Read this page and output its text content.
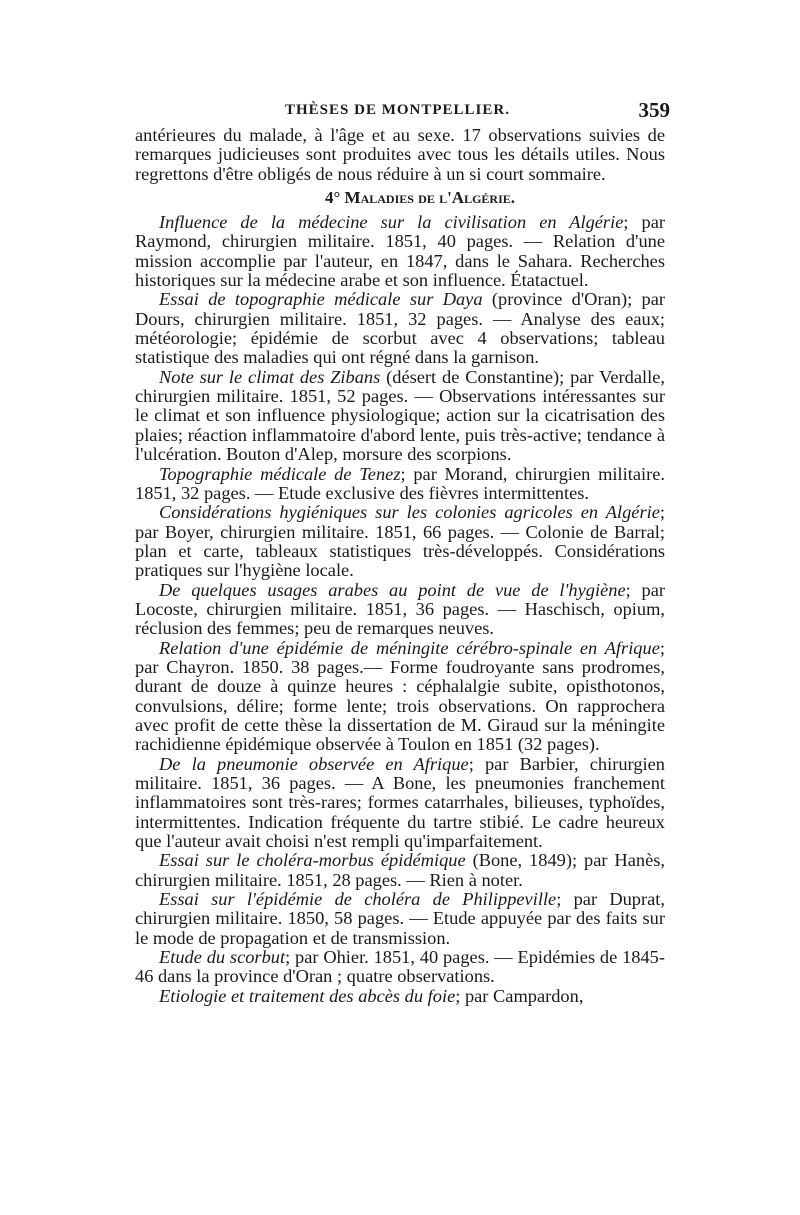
THÈSES DE MONTPELLIER.	359

antérieures du malade, à l'âge et au sexe. 17 observations suivies de remarques judicieuses sont produites avec tous les détails utiles. Nous regrettons d'être obligés de nous réduire à un si court sommaire.

4° Maladies de l'Algérie.

Influence de la médecine sur la civilisation en Algérie; par Raymond, chirurgien militaire. 1851, 40 pages. — Relation d'une mission accomplie par l'auteur, en 1847, dans le Sahara. Recherches historiques sur la médecine arabe et son influence. Étatactuel.

Essai de topographie médicale sur Daya (province d'Oran); par Dours, chirurgien militaire. 1851, 32 pages. — Analyse des eaux; météorologie; épidémie de scorbut avec 4 observations; tableau statistique des maladies qui ont régné dans la garnison.

Note sur le climat des Zibans (désert de Constantine); par Verdalle, chirurgien militaire. 1851, 52 pages. — Observations intéressantes sur le climat et son influence physiologique; action sur la cicatrisation des plaies; réaction inflammatoire d'abord lente, puis très-active; tendance à l'ulcération. Bouton d'Alep, morsure des scorpions.

Topographie médicale de Tenez; par Morand, chirurgien militaire. 1851, 32 pages. — Etude exclusive des fièvres intermittentes.

Considérations hygiéniques sur les colonies agricoles en Algérie; par Boyer, chirurgien militaire. 1851, 66 pages. — Colonie de Barral; plan et carte, tableaux statistiques très-développés. Considérations pratiques sur l'hygiène locale.

De quelques usages arabes au point de vue de l'hygiène; par Locoste, chirurgien militaire. 1851, 36 pages. — Haschisch, opium, réclusion des femmes; peu de remarques neuves.

Relation d'une épidémie de méningite cérébro-spinale en Afrique; par Chayron. 1850. 38 pages.— Forme foudroyante sans prodromes, durant de douze à quinze heures : céphalalgie subite, opisthotonos, convulsions, délire; forme lente; trois observations. On rapprochera avec profit de cette thèse la dissertation de M. Giraud sur la méningite rachidienne épidémique observée à Toulon en 1851 (32 pages).

De la pneumonie observée en Afrique; par Barbier, chirurgien militaire. 1851, 36 pages. — A Bone, les pneumonies franchement inflammatoires sont très-rares; formes catarrhales, bilieuses, typhoïdes, intermittentes. Indication fréquente du tartre stibié. Le cadre heureux que l'auteur avait choisi n'est rempli qu'imparfaitement.

Essai sur le choléra-morbus épidémique (Bone, 1849); par Hanès, chirurgien militaire. 1851, 28 pages. — Rien à noter.

Essai sur l'épidémie de choléra de Philippeville; par Duprat, chirurgien militaire. 1850, 58 pages. — Etude appuyée par des faits sur le mode de propagation et de transmission.

Etude du scorbut; par Ohier. 1851, 40 pages. — Epidémies de 1845-46 dans la province d'Oran ; quatre observations.

Etiologie et traitement des abcès du foie; par Campardon,
